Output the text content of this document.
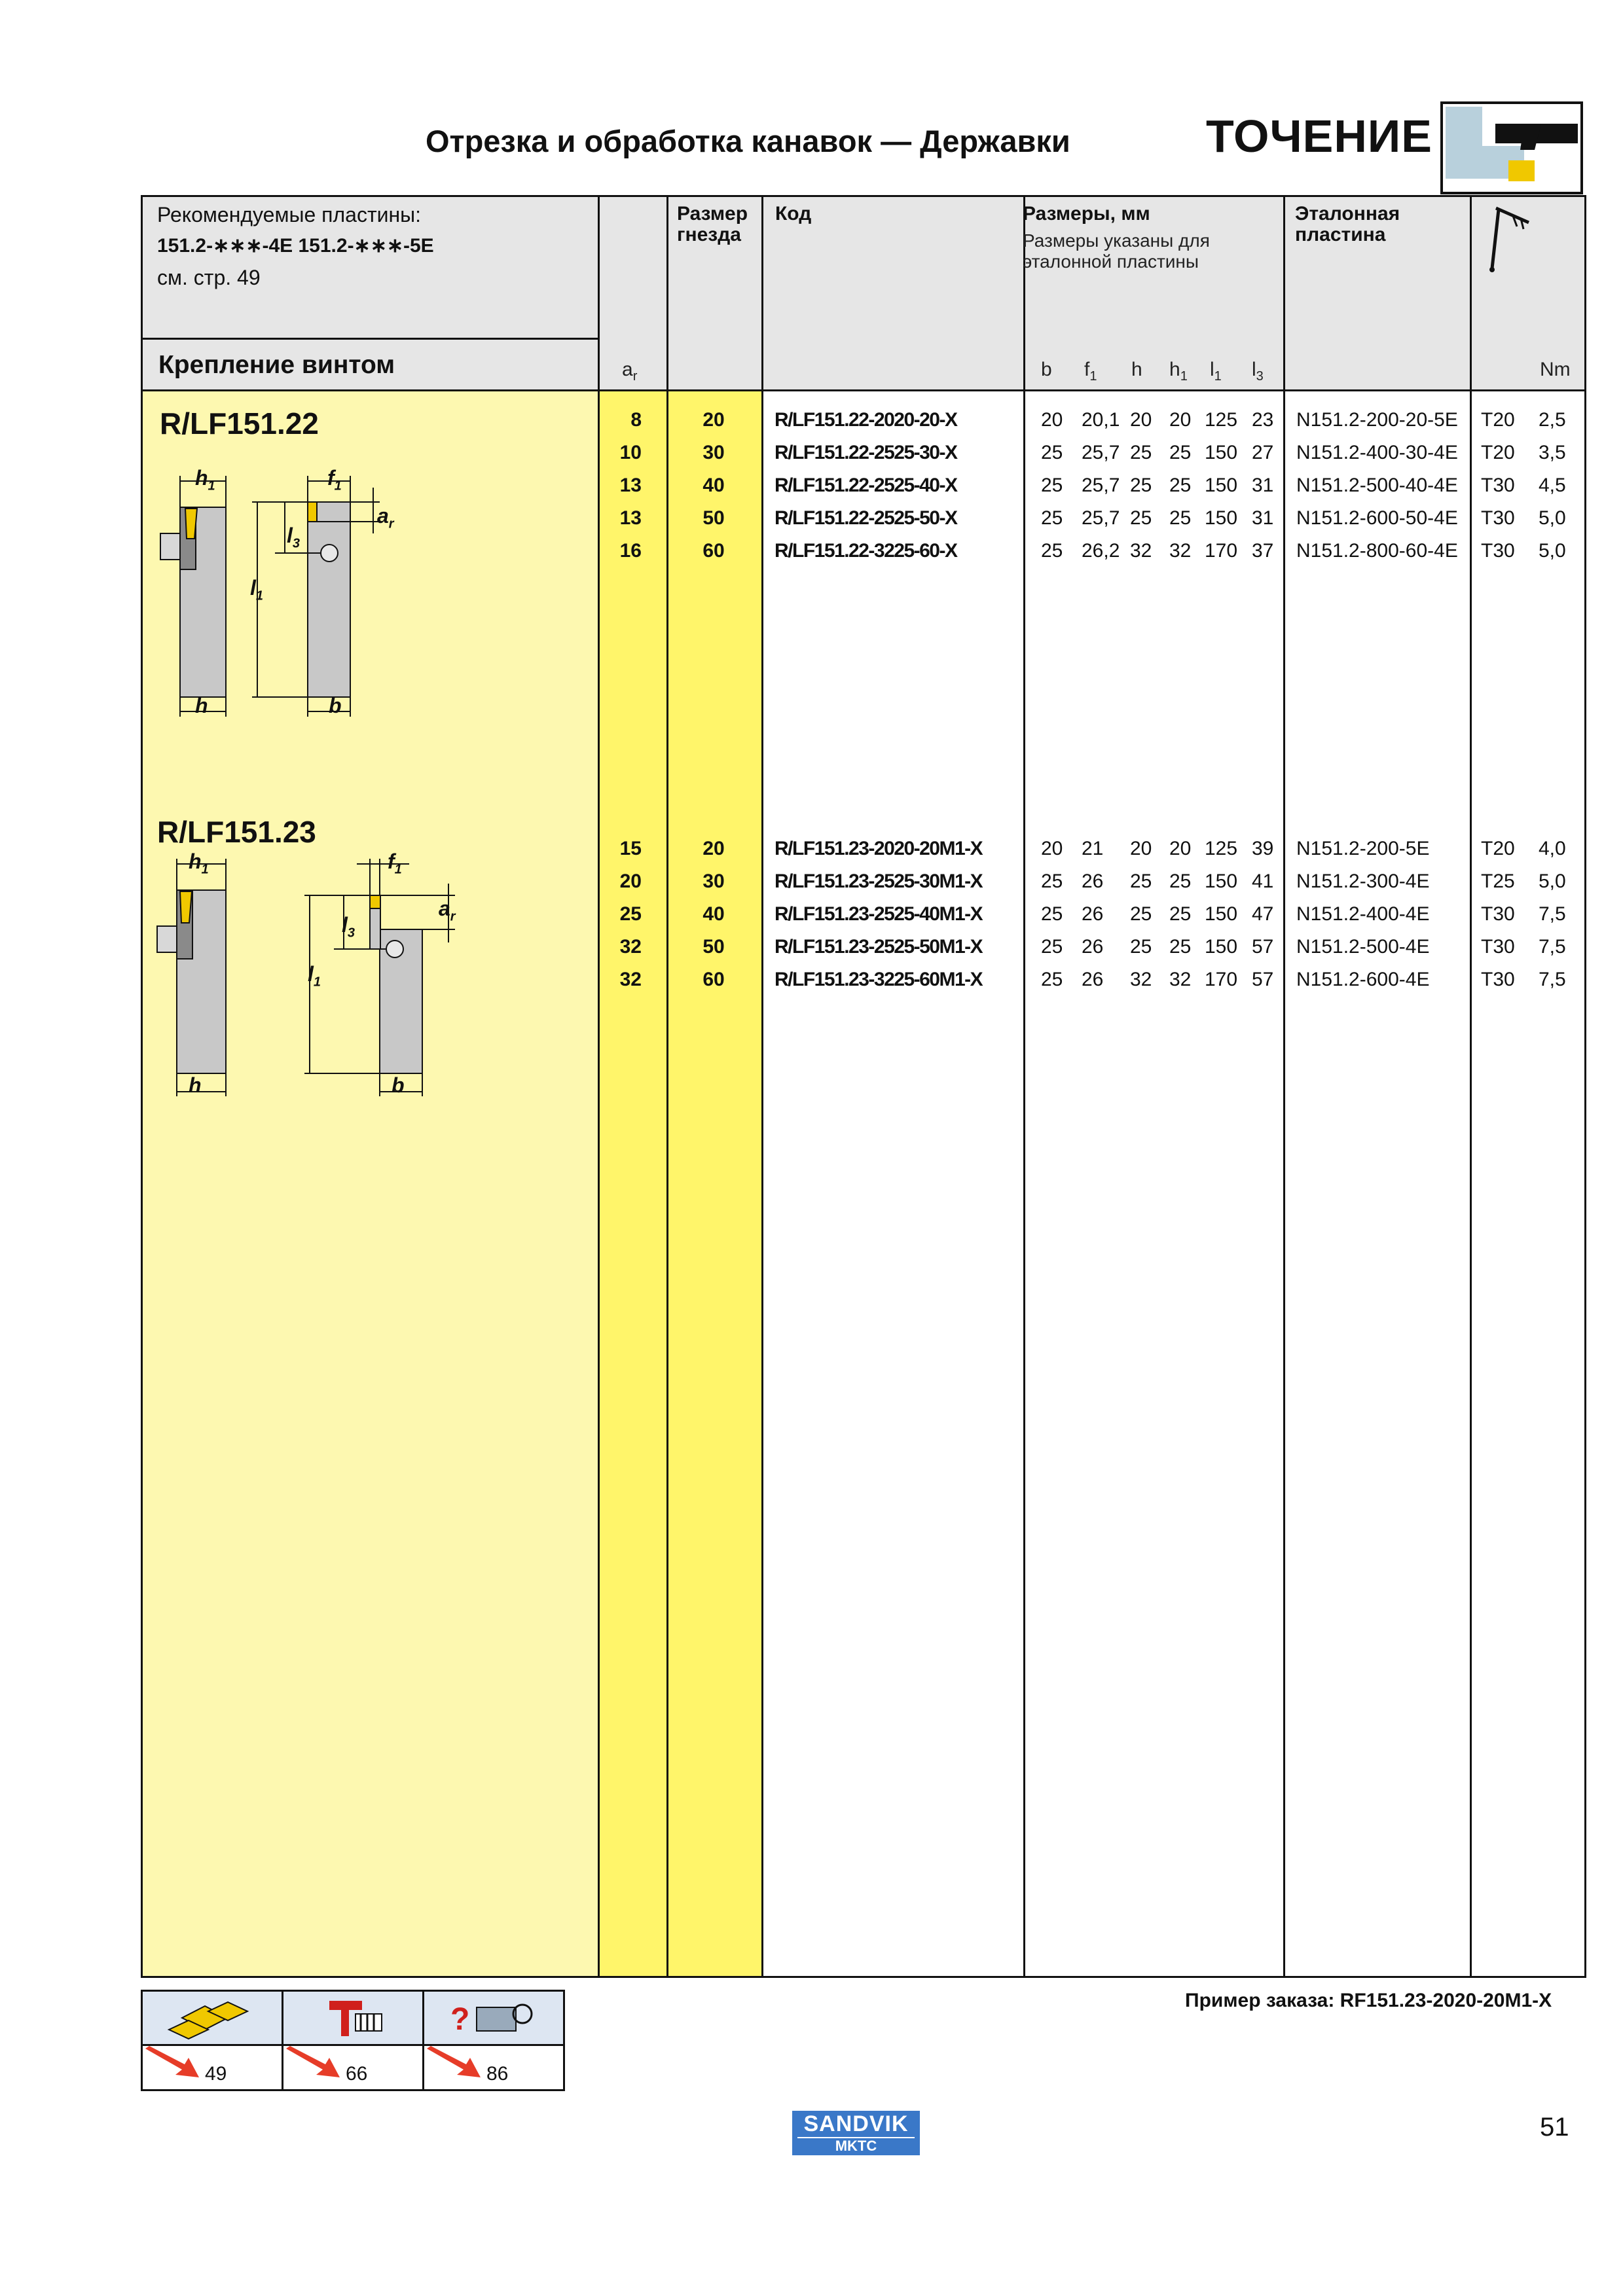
Отрезка и обработка канавок — Державки	ТОЧЕНИЕ
Рекомендуемые пластины:
151.2-∗∗∗-4E 151.2-∗∗∗-5E
см. стр. 49
Крепление винтом	$a_r$
Размер
гнезда
Код	Размеры, мм
Размеры указаны для
эталонной пластины
Эталонная
пластина
b $f_1$ h $h_1$ $l_1$ $l_3$	Nm
R/LF151.22
$h_1$	$f_1$
$a_r$
$l_3$
$l_1$
h	b
8	20	R/LF151.22-2020-20-X	20 20,1 20 20 125 23 N151.2-200-20-5E T20 2,5
10	30	R/LF151.22-2525-30-X	25 25,7 25 25 150 27 N151.2-400-30-4E T20 3,5
13	40	R/LF151.22-2525-40-X	25 25,7 25 25 150 31 N151.2-500-40-4E T30 4,5
13	50	R/LF151.22-2525-50-X	25 25,7 25 25 150 31 N151.2-600-50-4E T30 5,0
16	60	R/LF151.22-3225-60-X	25 26,2 32 32 170 37 N151.2-800-60-4E T30 5,0
R/LF151.23
$h_1$	$f_1$
$a_r$
$l_3$
$l_1$
h	b
15	20	R/LF151.23-2020-20M1-X	20 21 20 20 125 39 N151.2-200-5E	T20 4,0
20	30	R/LF151.23-2525-30M1-X	25 26 25 25 150 41 N151.2-300-4E	T25 5,0
25	40	R/LF151.23-2525-40M1-X	25 26 25 25 150 47 N151.2-400-4E	T30 7,5
32	50	R/LF151.23-2525-50M1-X	25 26 25 25 150 57 N151.2-500-4E	T30 7,5
32	60	R/LF151.23-3225-60M1-X	25 26 32 32 170 57 N151.2-600-4E	T30 7,5
Пример заказа: RF151.23-2020-20M1-X
?
49	66	86
SANDVIK
MKTC
51
